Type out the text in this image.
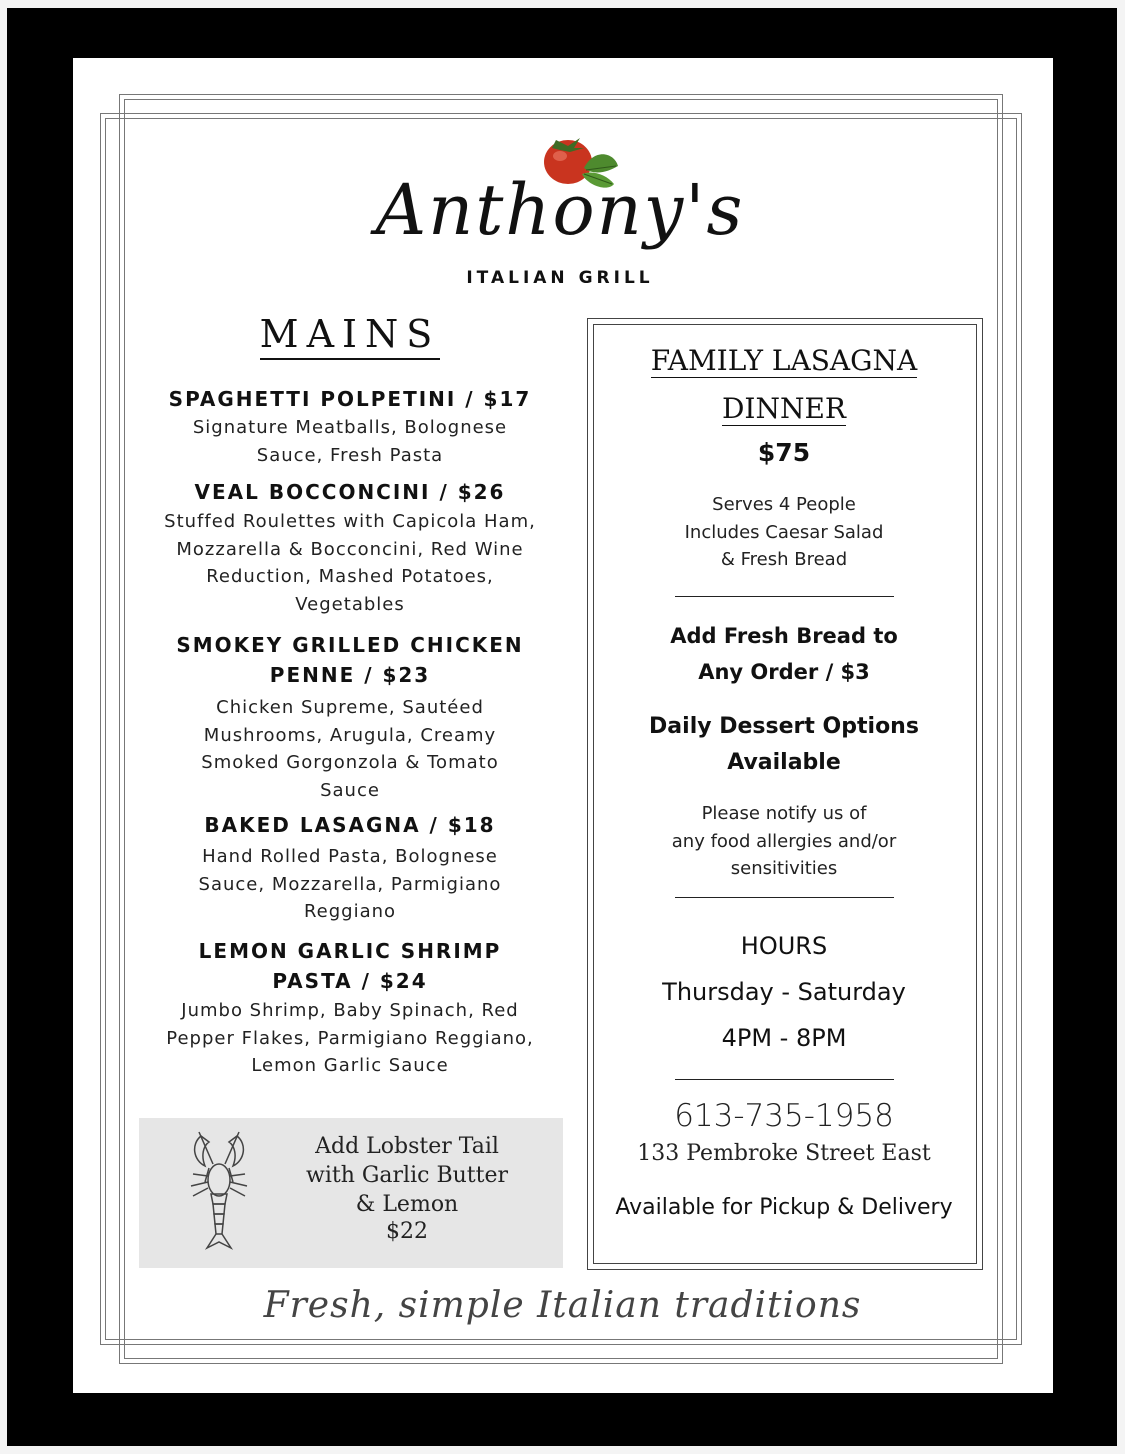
Anthony's
ITALIAN GRILL
MAINS
SPAGHETTI POLPETINI / $17
Signature Meatballs, Bolognese Sauce, Fresh Pasta
VEAL BOCCONCINI / $26
Stuffed Roulettes with Capicola Ham, Mozzarella & Bocconcini, Red Wine Reduction, Mashed Potatoes, Vegetables
SMOKEY GRILLED CHICKEN PENNE / $23
Chicken Supreme, Sautéed Mushrooms, Arugula, Creamy Smoked Gorgonzola & Tomato Sauce
BAKED LASAGNA / $18
Hand Rolled Pasta, Bolognese Sauce, Mozzarella, Parmigiano Reggiano
LEMON GARLIC SHRIMP PASTA / $24
Jumbo Shrimp, Baby Spinach, Red Pepper Flakes, Parmigiano Reggiano, Lemon Garlic Sauce
Add Lobster Tail
with Garlic Butter
& Lemon
$22
FAMILY LASAGNA
DINNER
$75
Serves 4 People
Includes Caesar Salad
& Fresh Bread
Add Fresh Bread to
Any Order / $3
Daily Dessert Options
Available
Please notify us of
any food allergies and/or
sensitivities
HOURS
Thursday - Saturday
4PM - 8PM
613-735-1958
133 Pembroke Street East
Available for Pickup & Delivery
Fresh, simple Italian traditions
